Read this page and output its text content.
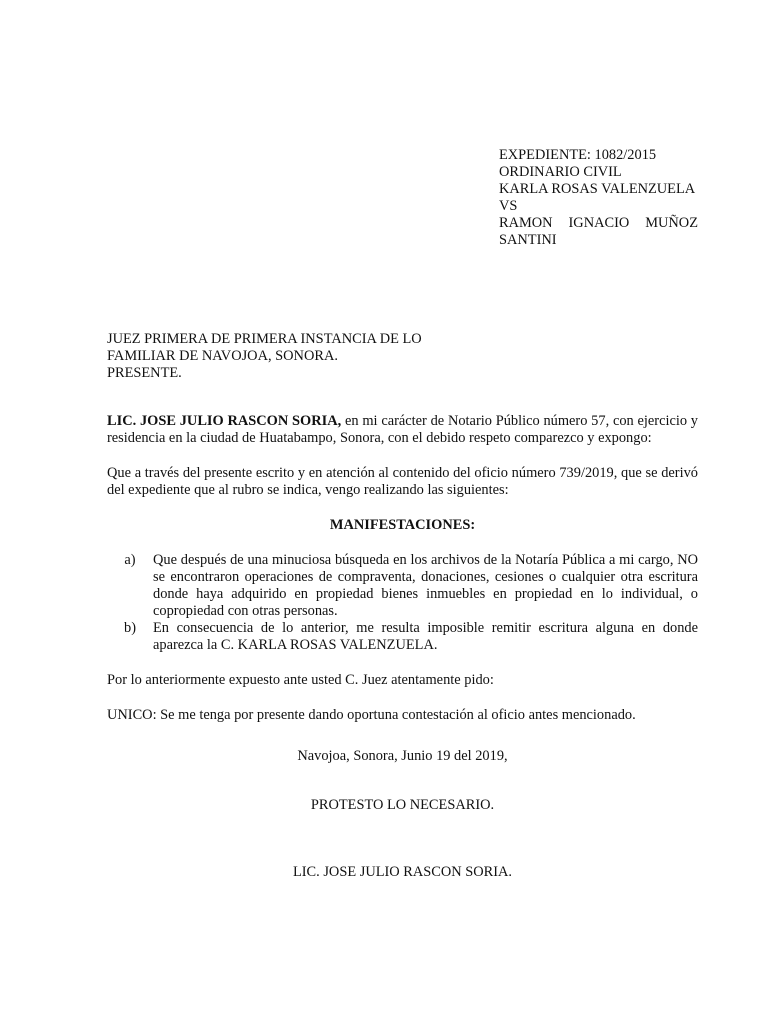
EXPEDIENTE: 1082/2015
ORDINARIO CIVIL
KARLA ROSAS VALENZUELA
VS
RAMON IGNACIO MUÑOZ
SANTINI
JUEZ PRIMERA DE PRIMERA INSTANCIA DE LO
FAMILIAR DE NAVOJOA, SONORA.
PRESENTE.

LIC. JOSE JULIO RASCON SORIA, en mi carácter de Notario Público número 57, con ejercicio y residencia en la ciudad de Huatabampo, Sonora, con el debido respeto comparezco y expongo:

Que a través del presente escrito y en atención al contenido del oficio número 739/2019, que se derivó del expediente que al rubro se indica, vengo realizando las siguientes:

MANIFESTACIONES:
a)	Que después de una minuciosa búsqueda en los archivos de la Notaría Pública a mi cargo, NO se encontraron operaciones de compraventa, donaciones, cesiones o cualquier otra escritura donde haya adquirido en propiedad bienes inmuebles en propiedad en lo individual, o copropiedad con otras personas.
b)	En consecuencia de lo anterior, me resulta imposible remitir escritura alguna en donde aparezca la C. KARLA ROSAS VALENZUELA.

Por lo anteriormente expuesto ante usted C. Juez atentamente pido:

UNICO: Se me tenga por presente dando oportuna contestación al oficio antes mencionado.

Navojoa, Sonora, Junio 19 del 2019,
PROTESTO LO NECESARIO.
LIC. JOSE JULIO RASCON SORIA.
